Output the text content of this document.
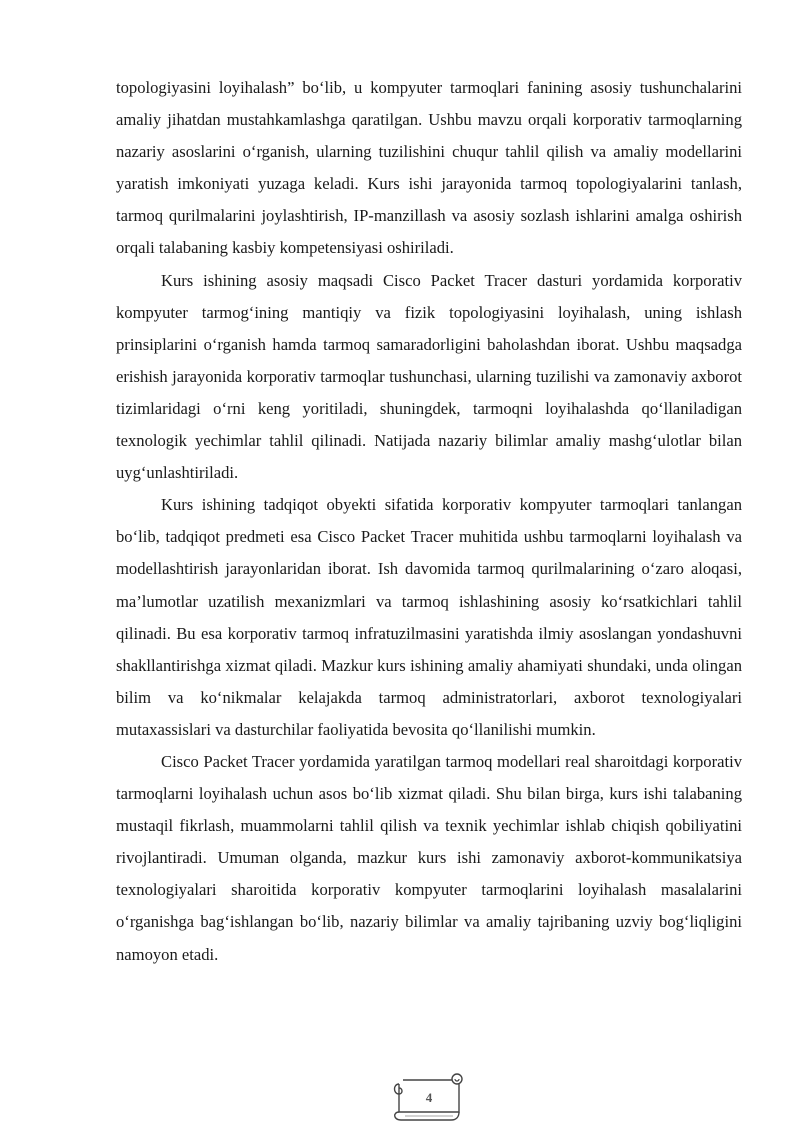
topologiyasini loyihalash” bo‘lib, u kompyuter tarmoqlari fanining asosiy tushunchalarini amaliy jihatdan mustahkamlashga qaratilgan. Ushbu mavzu orqali korporativ tarmoqlarning nazariy asoslarini o‘rganish, ularning tuzilishini chuqur tahlil qilish va amaliy modellarini yaratish imkoniyati yuzaga keladi. Kurs ishi jarayonida tarmoq topologiyalarini tanlash, tarmoq qurilmalarini joylashtirish, IP-manzillash va asosiy sozlash ishlarini amalga oshirish orqali talabaning kasbiy kompetensiyasi oshiriladi.

Kurs ishining asosiy maqsadi Cisco Packet Tracer dasturi yordamida korporativ kompyuter tarmog‘ining mantiqiy va fizik topologiyasini loyihalash, uning ishlash prinsiplarini o‘rganish hamda tarmoq samaradorligini baholashdan iborat. Ushbu maqsadga erishish jarayonida korporativ tarmoqlar tushunchasi, ularning tuzilishi va zamonaviy axborot tizimlaridagi o‘rni keng yoritiladi, shuningdek, tarmoqni loyihalashda qo‘llaniladigan texnologik yechimlar tahlil qilinadi. Natijada nazariy bilimlar amaliy mashg‘ulotlar bilan uyg‘unlashtiriladi.

Kurs ishining tadqiqot obyekti sifatida korporativ kompyuter tarmoqlari tanlangan bo‘lib, tadqiqot predmeti esa Cisco Packet Tracer muhitida ushbu tarmoqlarni loyihalash va modellashtirish jarayonlaridan iborat. Ish davomida tarmoq qurilmalarining o‘zaro aloqasi, ma’lumotlar uzatilish mexanizmlari va tarmoq ishlashining asosiy ko‘rsatkichlari tahlil qilinadi. Bu esa korporativ tarmoq infratuzilmasini yaratishda ilmiy asoslangan yondashuvni shakllantirishga xizmat qiladi. Mazkur kurs ishining amaliy ahamiyati shundaki, unda olingan bilim va ko‘nikmalar kelajakda tarmoq administratorlari, axborot texnologiyalari mutaxassislari va dasturchilar faoliyatida bevosita qo‘llanilishi mumkin.

Cisco Packet Tracer yordamida yaratilgan tarmoq modellari real sharoitdagi korporativ tarmoqlarni loyihalash uchun asos bo‘lib xizmat qiladi. Shu bilan birga, kurs ishi talabaning mustaqil fikrlash, muammolarni tahlil qilish va texnik yechimlar ishlab chiqish qobiliyatini rivojlantiradi. Umuman olganda, mazkur kurs ishi zamonaviy axborot-kommunikatsiya texnologiyalari sharoitida korporativ kompyuter tarmoqlarini loyihalash masalalarini o‘rganishga bag‘ishlangan bo‘lib, nazariy bilimlar va amaliy tajribaning uzviy bog‘liqligini namoyon etadi.

4
